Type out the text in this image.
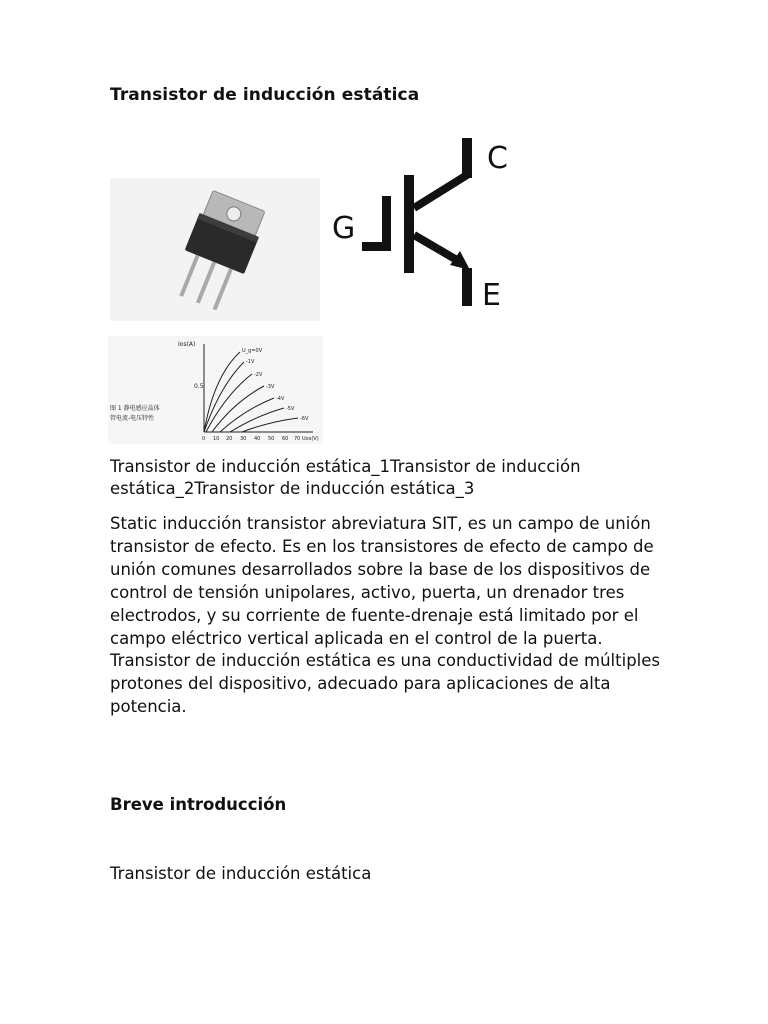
Transistor de inducción estática
C
G
E
Ios(A)
0.5
U_g=0V
-1V
-2V
-3V
-4V
-5V
-6V
0 10 20 30 40 50 60 70 Uos(V)
图 1 静电感应晶体
管电流-电压特性
Transistor de inducción estática_1Transistor de inducción estática_2Transistor de inducción estática_3
Static inducción transistor abreviatura SIT, es un campo de unión transistor de efecto. Es en los transistores de efecto de campo de unión comunes desarrollados sobre la base de los dispositivos de control de tensión unipolares, activo, puerta, un drenador tres electrodos, y su corriente de fuente-drenaje está limitado por el campo eléctrico vertical aplicada en el control de la puerta. Transistor de inducción estática es una conductividad de múltiples protones del dispositivo, adecuado para aplicaciones de alta potencia.
Breve introducción
Transistor de inducción estática
